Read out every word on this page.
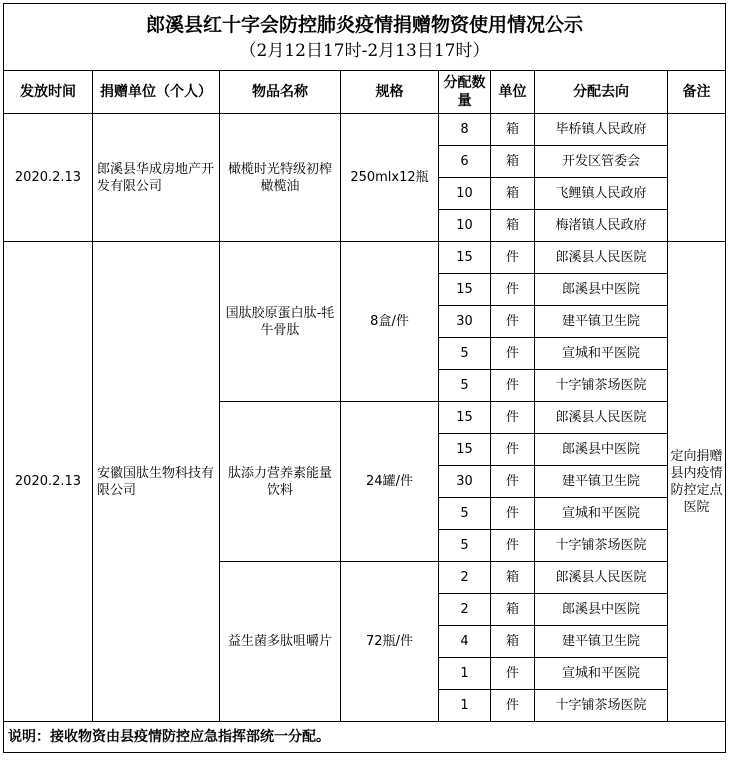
郎溪县红十字会防控肺炎疫情捐赠物资使用情况公示
（2月12日17时-2月13日17时）							

发放时间	捐赠单位（个人）	物品名称	规格	分配数量	单位	分配去向	备注
2020.2.13	郎溪县华成房地产开发有限公司	橄榄时光特级初榨橄榄油	250mlx12瓶	8	箱	毕桥镇人民政府	
				6	箱	开发区管委会	
				10	箱	飞鲤镇人民政府	
				10	箱	梅渚镇人民政府	
2020.2.13	安徽国肽生物科技有限公司	国肽胶原蛋白肽-牦牛骨肽	8盒/件	15	件	郎溪县人民医院	定向捐赠县内疫情防控定点医院
				15	件	郎溪县中医院	
				30	件	建平镇卫生院	
				5	件	宣城和平医院	
				5	件	十字铺茶场医院	
		肽添力营养素能量饮料	24罐/件	15	件	郎溪县人民医院	
				15	件	郎溪县中医院	
				30	件	建平镇卫生院	
				5	件	宣城和平医院	
				5	件	十字铺茶场医院	
		益生菌多肽咀嚼片	72瓶/件	2	箱	郎溪县人民医院	
				2	箱	郎溪县中医院	
				4	箱	建平镇卫生院	
				1	件	宣城和平医院	
				1	件	十字铺茶场医院	
说明：接收物资由县疫情防控应急指挥部统一分配。							
